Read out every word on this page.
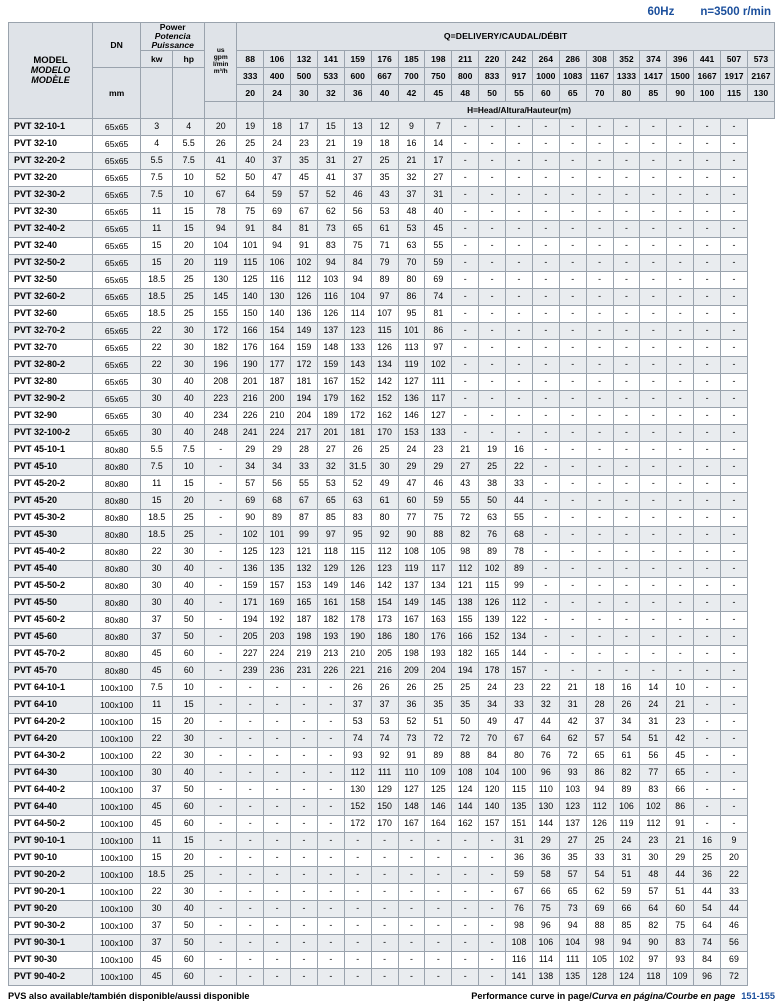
60Hz n=3500 r/min
MODEL
MODELO
MODÈLE
	DN	
Power
Potencia
Puissance

us
gpm
l/min
m³/h
	Q=DELIVERY/CAUDAL/DÉBIT
		kw	hp		88	106	132	141	159	176	185	198	211	220	242	264	286	308	352	374	396	441	507	573
	mm				333	400	500	533	600	667	700	750	800	833	917	1000	1083	1167	1333	1417	1500	1667	1917	2167
					20	24	30	32	36	40	42	45	48	50	55	60	65	70	80	85	90	100	115	130
						H=Head/Altura/Hauteur(m)																		
PVT 32-10-1	65x65	3	4	20	19	18	17	15	13	12	9	7	-	-	-	-	-	-	-	-	-	-	-	
PVT 32-10	65x65	4	5.5	26	25	24	23	21	19	18	16	14	-	-	-	-	-	-	-	-	-	-	-	
PVT 32-20-2	65x65	5.5	7.5	41	40	37	35	31	27	25	21	17	-	-	-	-	-	-	-	-	-	-	-	
PVT 32-20	65x65	7.5	10	52	50	47	45	41	37	35	32	27	-	-	-	-	-	-	-	-	-	-	-	
PVT 32-30-2	65x65	7.5	10	67	64	59	57	52	46	43	37	31	-	-	-	-	-	-	-	-	-	-	-	
PVT 32-30	65x65	11	15	78	75	69	67	62	56	53	48	40	-	-	-	-	-	-	-	-	-	-	-	
PVT 32-40-2	65x65	11	15	94	91	84	81	73	65	61	53	45	-	-	-	-	-	-	-	-	-	-	-	
PVT 32-40	65x65	15	20	104	101	94	91	83	75	71	63	55	-	-	-	-	-	-	-	-	-	-	-	
PVT 32-50-2	65x65	15	20	119	115	106	102	94	84	79	70	59	-	-	-	-	-	-	-	-	-	-	-	
PVT 32-50	65x65	18.5	25	130	125	116	112	103	94	89	80	69	-	-	-	-	-	-	-	-	-	-	-	
PVT 32-60-2	65x65	18.5	25	145	140	130	126	116	104	97	86	74	-	-	-	-	-	-	-	-	-	-	-	
PVT 32-60	65x65	18.5	25	155	150	140	136	126	114	107	95	81	-	-	-	-	-	-	-	-	-	-	-	
PVT 32-70-2	65x65	22	30	172	166	154	149	137	123	115	101	86	-	-	-	-	-	-	-	-	-	-	-	
PVT 32-70	65x65	22	30	182	176	164	159	148	133	126	113	97	-	-	-	-	-	-	-	-	-	-	-	
PVT 32-80-2	65x65	22	30	196	190	177	172	159	143	134	119	102	-	-	-	-	-	-	-	-	-	-	-	
PVT 32-80	65x65	30	40	208	201	187	181	167	152	142	127	111	-	-	-	-	-	-	-	-	-	-	-	
PVT 32-90-2	65x65	30	40	223	216	200	194	179	162	152	136	117	-	-	-	-	-	-	-	-	-	-	-	
PVT 32-90	65x65	30	40	234	226	210	204	189	172	162	146	127	-	-	-	-	-	-	-	-	-	-	-	
PVT 32-100-2	65x65	30	40	248	241	224	217	201	181	170	153	133	-	-	-	-	-	-	-	-	-	-	-	
PVT 45-10-1	80x80	5.5	7.5	-	29	29	28	27	26	25	24	23	21	19	16	-	-	-	-	-	-	-	-	
PVT 45-10	80x80	7.5	10	-	34	34	33	32	31.5	30	29	29	27	25	22	-	-	-	-	-	-	-	-	
PVT 45-20-2	80x80	11	15	-	57	56	55	53	52	49	47	46	43	38	33	-	-	-	-	-	-	-	-	
PVT 45-20	80x80	15	20	-	69	68	67	65	63	61	60	59	55	50	44	-	-	-	-	-	-	-	-	
PVT 45-30-2	80x80	18.5	25	-	90	89	87	85	83	80	77	75	72	63	55	-	-	-	-	-	-	-	-	
PVT 45-30	80x80	18.5	25	-	102	101	99	97	95	92	90	88	82	76	68	-	-	-	-	-	-	-	-	
PVT 45-40-2	80x80	22	30	-	125	123	121	118	115	112	108	105	98	89	78	-	-	-	-	-	-	-	-	
PVT 45-40	80x80	30	40	-	136	135	132	129	126	123	119	117	112	102	89	-	-	-	-	-	-	-	-	
PVT 45-50-2	80x80	30	40	-	159	157	153	149	146	142	137	134	121	115	99	-	-	-	-	-	-	-	-	
PVT 45-50	80x80	30	40	-	171	169	165	161	158	154	149	145	138	126	112	-	-	-	-	-	-	-	-	
PVT 45-60-2	80x80	37	50	-	194	192	187	182	178	173	167	163	155	139	122	-	-	-	-	-	-	-	-	
PVT 45-60	80x80	37	50	-	205	203	198	193	190	186	180	176	166	152	134	-	-	-	-	-	-	-	-	
PVT 45-70-2	80x80	45	60	-	227	224	219	213	210	205	198	193	182	165	144	-	-	-	-	-	-	-	-	
PVT 45-70	80x80	45	60	-	239	236	231	226	221	216	209	204	194	178	157	-	-	-	-	-	-	-	-	
PVT 64-10-1	100x100	7.5	10	-	-	-	-	-	26	26	26	25	25	24	23	22	21	18	16	14	10	-	-	
PVT 64-10	100x100	11	15	-	-	-	-	-	37	37	36	35	35	34	33	32	31	28	26	24	21	-	-	
PVT 64-20-2	100x100	15	20	-	-	-	-	-	53	53	52	51	50	49	47	44	42	37	34	31	23	-	-	
PVT 64-20	100x100	22	30	-	-	-	-	-	74	74	73	72	72	70	67	64	62	57	54	51	42	-	-	
PVT 64-30-2	100x100	22	30	-	-	-	-	-	93	92	91	89	88	84	80	76	72	65	61	56	45	-	-	
PVT 64-30	100x100	30	40	-	-	-	-	-	112	111	110	109	108	104	100	96	93	86	82	77	65	-	-	
PVT 64-40-2	100x100	37	50	-	-	-	-	-	130	129	127	125	124	120	115	110	103	94	89	83	66	-	-	
PVT 64-40	100x100	45	60	-	-	-	-	-	152	150	148	146	144	140	135	130	123	112	106	102	86	-	-	
PVT 64-50-2	100x100	45	60	-	-	-	-	-	172	170	167	164	162	157	151	144	137	126	119	112	91	-	-	
PVT 90-10-1	100x100	11	15	-	-	-	-	-	-	-	-	-	-	-	31	29	27	25	24	23	21	16	9	
PVT 90-10	100x100	15	20	-	-	-	-	-	-	-	-	-	-	-	36	36	35	33	31	30	29	25	20	
PVT 90-20-2	100x100	18.5	25	-	-	-	-	-	-	-	-	-	-	-	59	58	57	54	51	48	44	36	22	
PVT 90-20-1	100x100	22	30	-	-	-	-	-	-	-	-	-	-	-	67	66	65	62	59	57	51	44	33	
PVT 90-20	100x100	30	40	-	-	-	-	-	-	-	-	-	-	-	76	75	73	69	66	64	60	54	44	
PVT 90-30-2	100x100	37	50	-	-	-	-	-	-	-	-	-	-	-	98	96	94	88	85	82	75	64	46	
PVT 90-30-1	100x100	37	50	-	-	-	-	-	-	-	-	-	-	-	108	106	104	98	94	90	83	74	56	
PVT 90-30	100x100	45	60	-	-	-	-	-	-	-	-	-	-	-	116	114	111	105	102	97	93	84	69	
PVT 90-40-2	100x100	45	60	-	-	-	-	-	-	-	-	-	-	-	141	138	135	128	124	118	109	96	72	
PVS also available/también disponible/aussi disponible	Performance curve in page/Curva en página/Courbe en page 151-155
